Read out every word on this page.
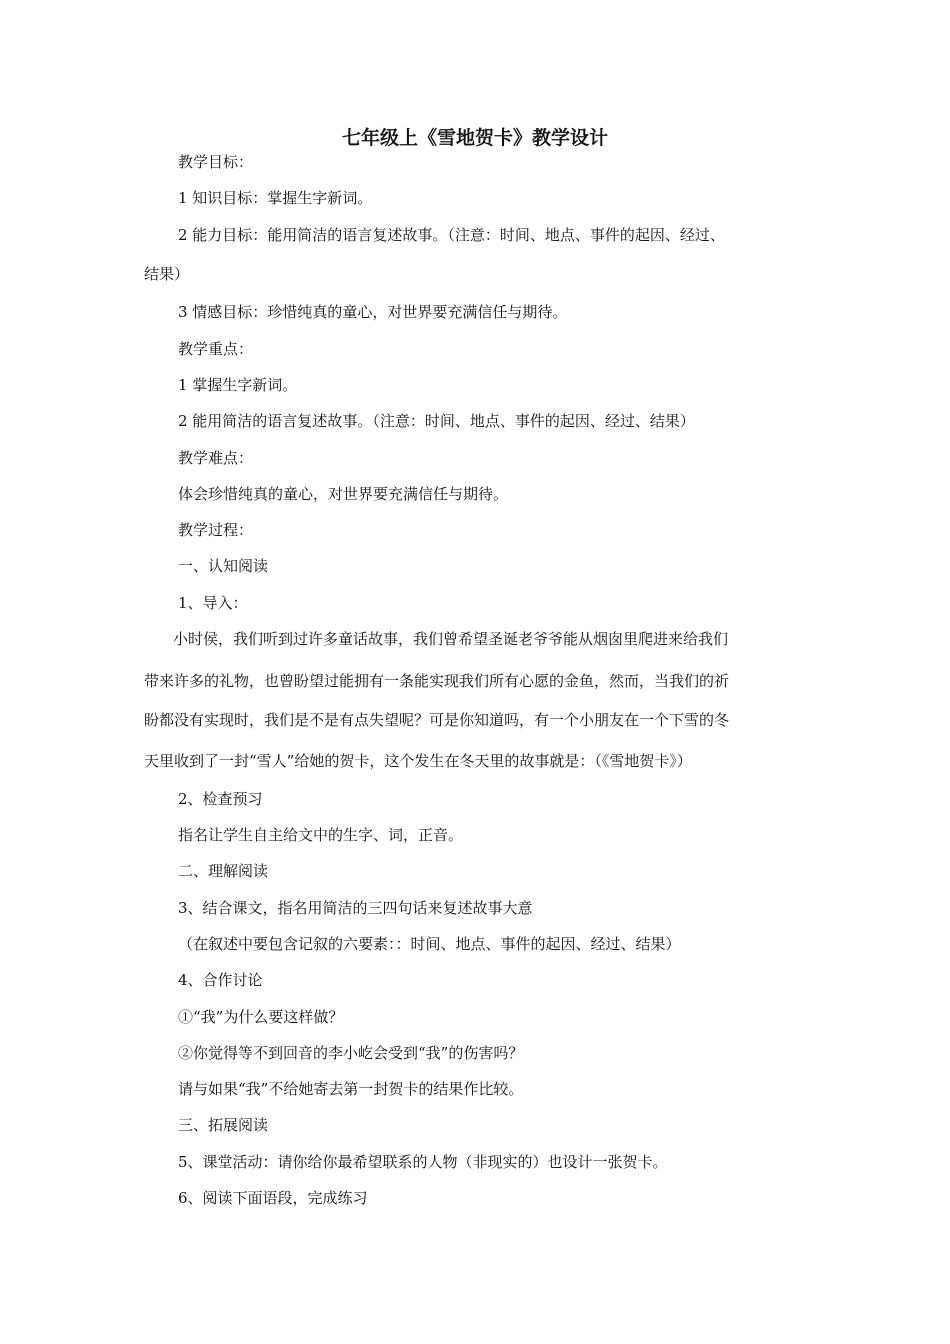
七年级上《雪地贺卡》教学设计

教学目标：

1 知识目标：掌握生字新词。

2 能力目标：能用简洁的语言复述故事。（注意：时间、地点、事件的起因、经过、

结果）

3 情感目标：珍惜纯真的童心，对世界要充满信任与期待。

教学重点：

1 掌握生字新词。

2 能用简洁的语言复述故事。（注意：时间、地点、事件的起因、经过、结果）

教学难点：

体会珍惜纯真的童心，对世界要充满信任与期待。

教学过程：

一、认知阅读

1、导入：

小时侯，我们听到过许多童话故事，我们曾希望圣诞老爷爷能从烟囱里爬进来给我们

带来许多的礼物，也曾盼望过能拥有一条能实现我们所有心愿的金鱼，然而，当我们的祈

盼都没有实现时，我们是不是有点失望呢？可是你知道吗，有一个小朋友在一个下雪的冬

天里收到了一封“雪人”给她的贺卡，这个发生在冬天里的故事就是：（《雪地贺卡》）

2、检查预习

指名让学生自主给文中的生字、词，正音。

二、理解阅读

3、结合课文，指名用简洁的三四句话来复述故事大意

（在叙述中要包含记叙的六要素：：时间、地点、事件的起因、经过、结果）

4、合作讨论

①“我”为什么要这样做？

②你觉得等不到回音的李小屹会受到“我”的伤害吗？

请与如果“我”不给她寄去第一封贺卡的结果作比较。

三、拓展阅读

5、课堂活动：请你给你最希望联系的人物（非现实的）也设计一张贺卡。

6、阅读下面语段，完成练习
